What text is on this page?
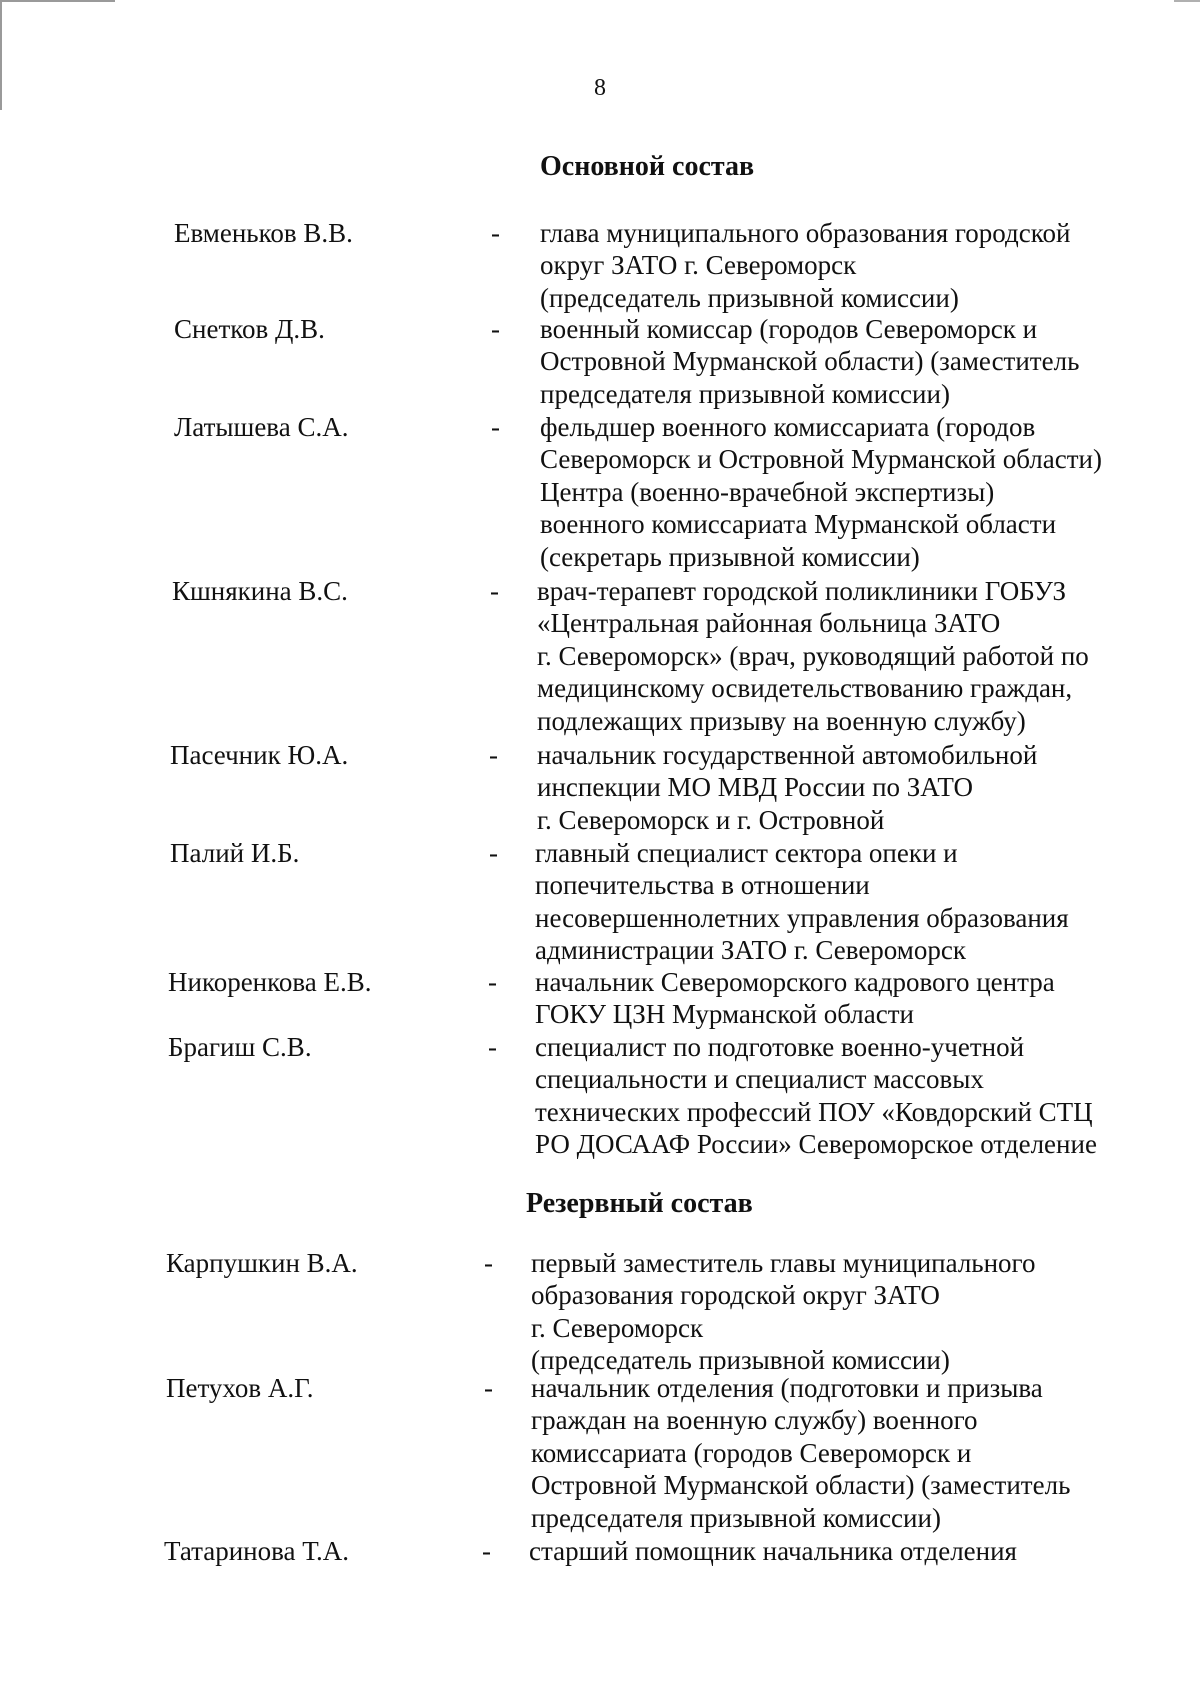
8
Основной состав
Евменьков В.В.	- глава муниципального образования городской
округ ЗАТО г. Североморск
(председатель призывной комиссии)
Снетков Д.В.	- военный комиссар (городов Североморск и
Островной Мурманской области) (заместитель
председателя призывной комиссии)
Латышева С.А.	- фельдшер военного комиссариата (городов
Североморск и Островной Мурманской области)
Центра (военно-врачебной экспертизы)
военного комиссариата Мурманской области
(секретарь призывной комиссии)
Кшнякина В.С.	- врач-терапевт городской поликлиники ГОБУЗ
«Центральная районная больница ЗАТО
г. Североморск» (врач, руководящий работой по
медицинскому освидетельствованию граждан,
подлежащих призыву на военную службу)
Пасечник Ю.А.	- начальник государственной автомобильной
инспекции МО МВД России по ЗАТО
г. Североморск и г. Островной
Палий И.Б.	- главный специалист сектора опеки и
попечительства в отношении
несовершеннолетних управления образования
администрации ЗАТО г. Североморск
Никоренкова Е.В.	- начальник Североморского кадрового центра
ГОКУ ЦЗН Мурманской области
Брагиш С.В.	- специалист по подготовке военно-учетной
специальности и специалист массовых
технических профессий ПОУ «Ковдорский СТЦ
РО ДОСААФ России» Североморское отделение
Резервный состав
Карпушкин В.А.	- первый заместитель главы муниципального
образования городской округ ЗАТО
г. Североморск
(председатель призывной комиссии)
Петухов А.Г.	- начальник отделения (подготовки и призыва
граждан на военную службу) военного
комиссариата (городов Североморск и
Островной Мурманской области) (заместитель
председателя призывной комиссии)
Татаринова Т.А.	- старший помощник начальника отделения
